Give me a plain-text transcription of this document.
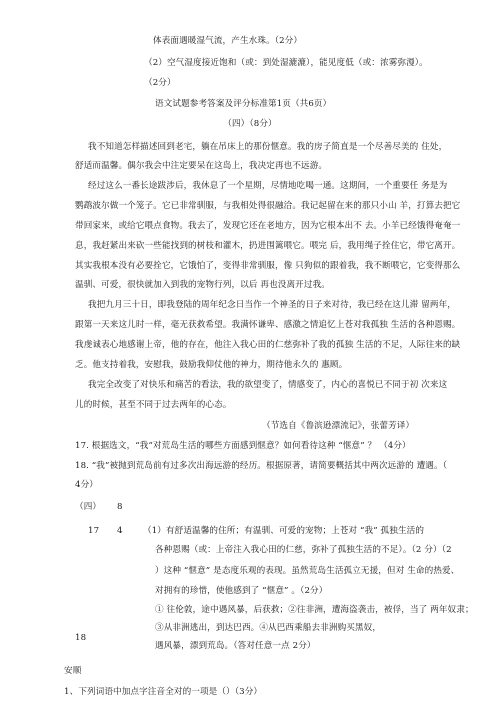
体表面遇暖湿气流，产生水珠。（2分）
（2）空气湿度接近饱和（或：到处湿漉漉），能见度低（或：浓雾弥漫）。
（2分）
语文试题参考答案及评分标准第1页（共6页）
（四）（8分）
我不知道怎样描述回到老宅，躺在吊床上的那份惬意。我的房子简直是一个尽善尽美的 住处，
舒适而温馨。偶尔我会中注定要呆在这岛上，我决定再也不远游。
经过这么一番长途跋涉后，我休息了一个星期，尽情地吃喝一通。这期间，一个重要任 务是为
鹦鹉波尔做一个笼子。它已非常驯服，与我相处得很融洽。我记起留在来的那只小山 羊，打算去把它
带回家来，或给它喂点食物。我去了，发现它还在老地方，因为它根本出不 去。小羊已经饿得奄奄一
息，我赶紧出来砍一些能找到的树枝和灌木，扔进围篱喂它。喂完 后，我用绳子拴住它，带它离开。
其实我根本没有必要拴它，它饿怕了，变得非常驯服，像 只狗似的跟着我，我不断喂它，它变得那么
温驯、可爱，很快就加入到我的宠物行列，以后 再也没离开过我。
我把九月三十日，即我登陆的周年纪念日当作一个神圣的日子来对待，我已经在这儿滞 留两年，
跟第一天来这儿时一样，毫无获救希望。我满怀谦卑、感激之情追忆上苍对我孤独 生活的各种恩赐。
我虔诚表心地感谢上帝，他的存在，他注入我心田的仁慈弥补了我的孤独 生活的不足，人际往来的缺
乏。他支持着我，安慰我，鼓励我仰仗他的神力，期待他永久的 惠顾。
我完全改变了对快乐和痛苦的看法，我的欲望变了，情感变了，内心的喜悦已不同于初 次来这
儿的时候，甚至不同于过去两年的心态。
（节选自《鲁滨逊漂流记》，张蕾芳译）
17. 根据选文，“我”对荒岛生活的哪些方面感到惬意？如何看待这种 “惬意” ？ （4分）
18. “我”被抛到荒岛前有过多次出海远游的经历。根据原著，请简要概括其中两次远游的 遭遇。（
4分）
（四） 8
17 4 （1）有舒适温馨的住所；有温驯、可爱的宠物；上苍对 “我” 孤独生活的
各种恩赐（或：上帝注入我心田的仁慈，弥补了孤独生活的不足）。（2 分）（2
）这种 “惬意” 是态度乐观的表现。虽然荒岛生活孤立无援，但对 生命的热爱、
对拥有的珍惜，使他感到了 “惬意” 。（2分）
18
① 往伦敦，途中遇风暴，后获救；②往非洲，遭海盗袭击，被俘，当了 两年奴隶；
③从非洲逃出，到达巴西。④从巴西乘船去非洲购买黑奴，
遇风暴，漂到荒岛。（答对任意一点 2分）
安顺
1、下列词语中加点字注音全对的一项是（）（3分）
